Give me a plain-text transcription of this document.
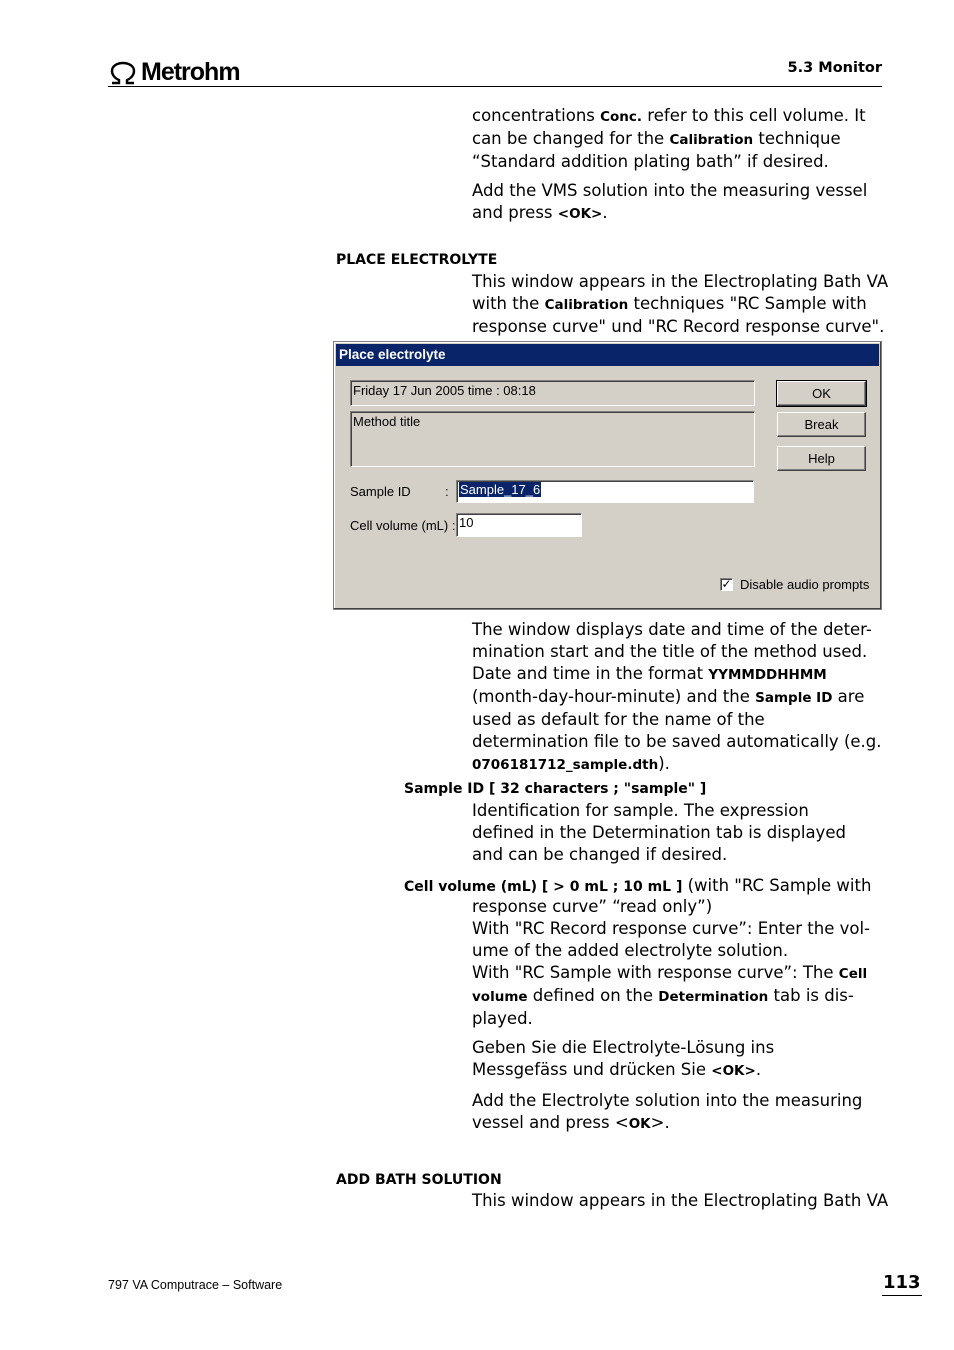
Metrohm	5.3 Monitor
concentrations Conc. refer to this cell volume. It can be changed for the Calibration technique “Standard addition plating bath” if desired.
Add the VMS solution into the measuring vessel and press <OK>.
PLACE ELECTROLYTE
This window appears in the Electroplating Bath VA with the Calibration techniques "RC Sample with response curve" und "RC Record response curve".
Place electrolyte
Friday 17 Jun 2005 time : 08:18
Method title
Sample ID	: Sample_17_6
Cell volume (mL) : 10
OK
Break
Help
✓ Disable audio prompts
The window displays date and time of the deter-mination start and the title of the method used. Date and time in the format YYMMDDHHMM (month-day-hour-minute) and the Sample ID are used as default for the name of the determination file to be saved automatically (e.g. 0706181712_sample.dth).
Sample ID [ 32 characters ; "sample" ]
Identification for sample. The expression defined in the Determination tab is displayed and can be changed if desired.
Cell volume (mL) [ > 0 mL ; 10 mL ] (with "RC Sample with
response curve” “read only”)
With "RC Record response curve”: Enter the vol-ume of the added electrolyte solution.
With "RC Sample with response curve”: The Cell volume defined on the Determination tab is dis-played.
Geben Sie die Electrolyte-Lösung ins Messgefäss und drücken Sie <OK>.
Add the Electrolyte solution into the measuring vessel and press <OK>.
ADD BATH SOLUTION
This window appears in the Electroplating Bath VA
797 VA Computrace – Software	113
